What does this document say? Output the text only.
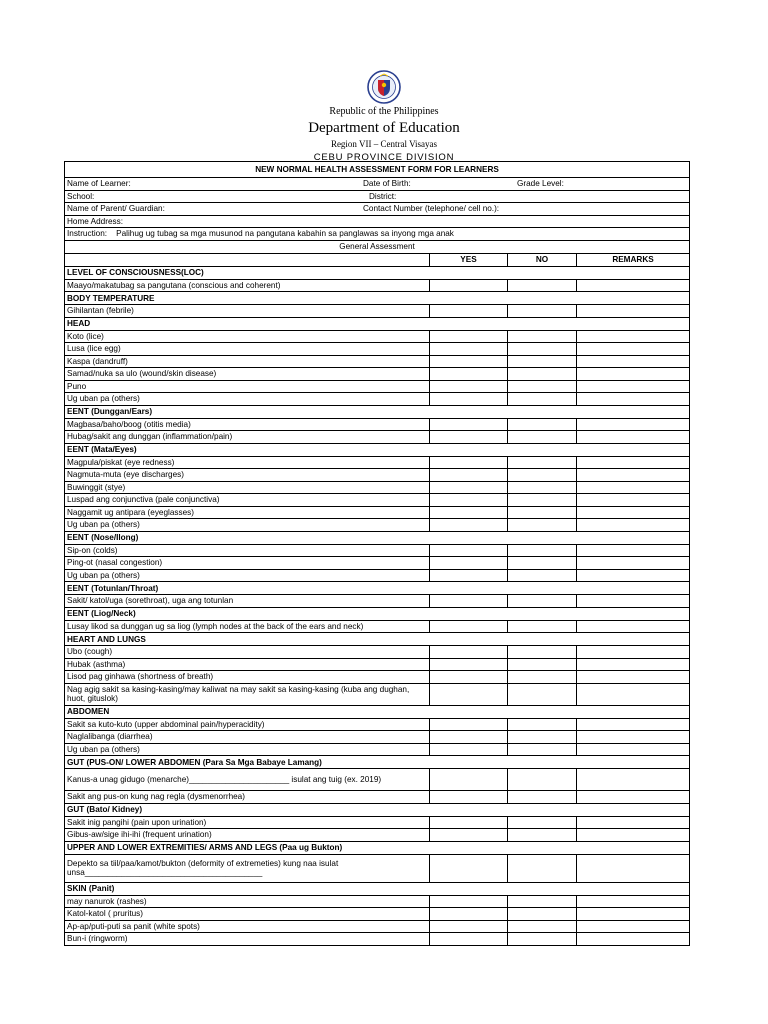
Republic of the Philippines
Department of Education
Region VII – Central Visayas
CEBU PROVINCE DIVISION
NEW NORMAL HEALTH ASSESSMENT FORM FOR LEARNERS			

Name of Learner: Date of Birth: Grade Level:			

School: District:			

Name of Parent/ Guardian: Contact Number (telephone/ cell no.):			

Home Address:			
Instruction:    Palihug ug tubag sa mga musunod na pangutana kabahin sa panglawas sa inyong mga anak			
General Assessment			
	YES	NO	REMARKS
LEVEL OF CONSCIOUSNESS(LOC)			
Maayo/makatubag sa pangutana (conscious and coherent)			
BODY TEMPERATURE			
Gihilantan (febrile)			
HEAD			
Koto (lice)			
Lusa (lice egg)			
Kaspa (dandruff)			
Samad/nuka sa ulo (wound/skin disease)			
Puno			
Ug uban pa (others)			
EENT (Dunggan/Ears)			
Magbasa/baho/boog (otitis media)			
Hubag/sakit ang dunggan (inflammation/pain)			
EENT (Mata/Eyes)			
Magpula/piskat (eye redness)			
Nagmuta-muta (eye discharges)			
Buwinggit (stye)			
Luspad ang conjunctiva (pale conjunctiva)			
Naggamit ug antipara (eyeglasses)			
Ug uban pa (others)			
EENT (Nose/Ilong)			
Sip-on (colds)			
Ping-ot (nasal congestion)			
Ug uban pa (others)			
EENT (Totunlan/Throat)			
Sakit/ katol/uga (sorethroat), uga ang totunlan			
EENT (Liog/Neck)			
Lusay likod sa dunggan ug sa liog (lymph nodes at the back of the ears and neck)			
HEART AND LUNGS			
Ubo (cough)			
Hubak (asthma)			
Lisod pag ginhawa (shortness of breath)			
Nag agig sakit sa kasing-kasing/may kaliwat na may sakit sa kasing-kasing (kuba ang dughan, huot, gituslok)			
ABDOMEN			
Sakit sa kuto-kuto (upper abdominal pain/hyperacidity)			
Naglalibanga (diarrhea)			
Ug uban pa (others)			
GUT (PUS-ON/ LOWER ABDOMEN (Para Sa Mga Babaye Lamang)			
Kanus-a unag gidugo (menarche)______________________ isulat ang tuig (ex. 2019)			
Sakit ang pus-on kung nag regla (dysmenorrhea)			
GUT (Bato/ Kidney)			
Sakit inig pangihi (pain upon urination)			
Gibus-aw/sige ihi-ihi (frequent urination)			
UPPER AND LOWER EXTREMITIES/ ARMS AND LEGS (Paa ug Bukton)			
Depekto sa tiil/paa/kamot/bukton (deformity of extremeties) kung naa isulat unsa_______________________________________			
SKIN (Panit)			
may nanurok (rashes)			
Katol-katol ( pruritus)			
Ap-ap/puti-puti sa panit (white spots)			
Bun-i (ringworm)			
